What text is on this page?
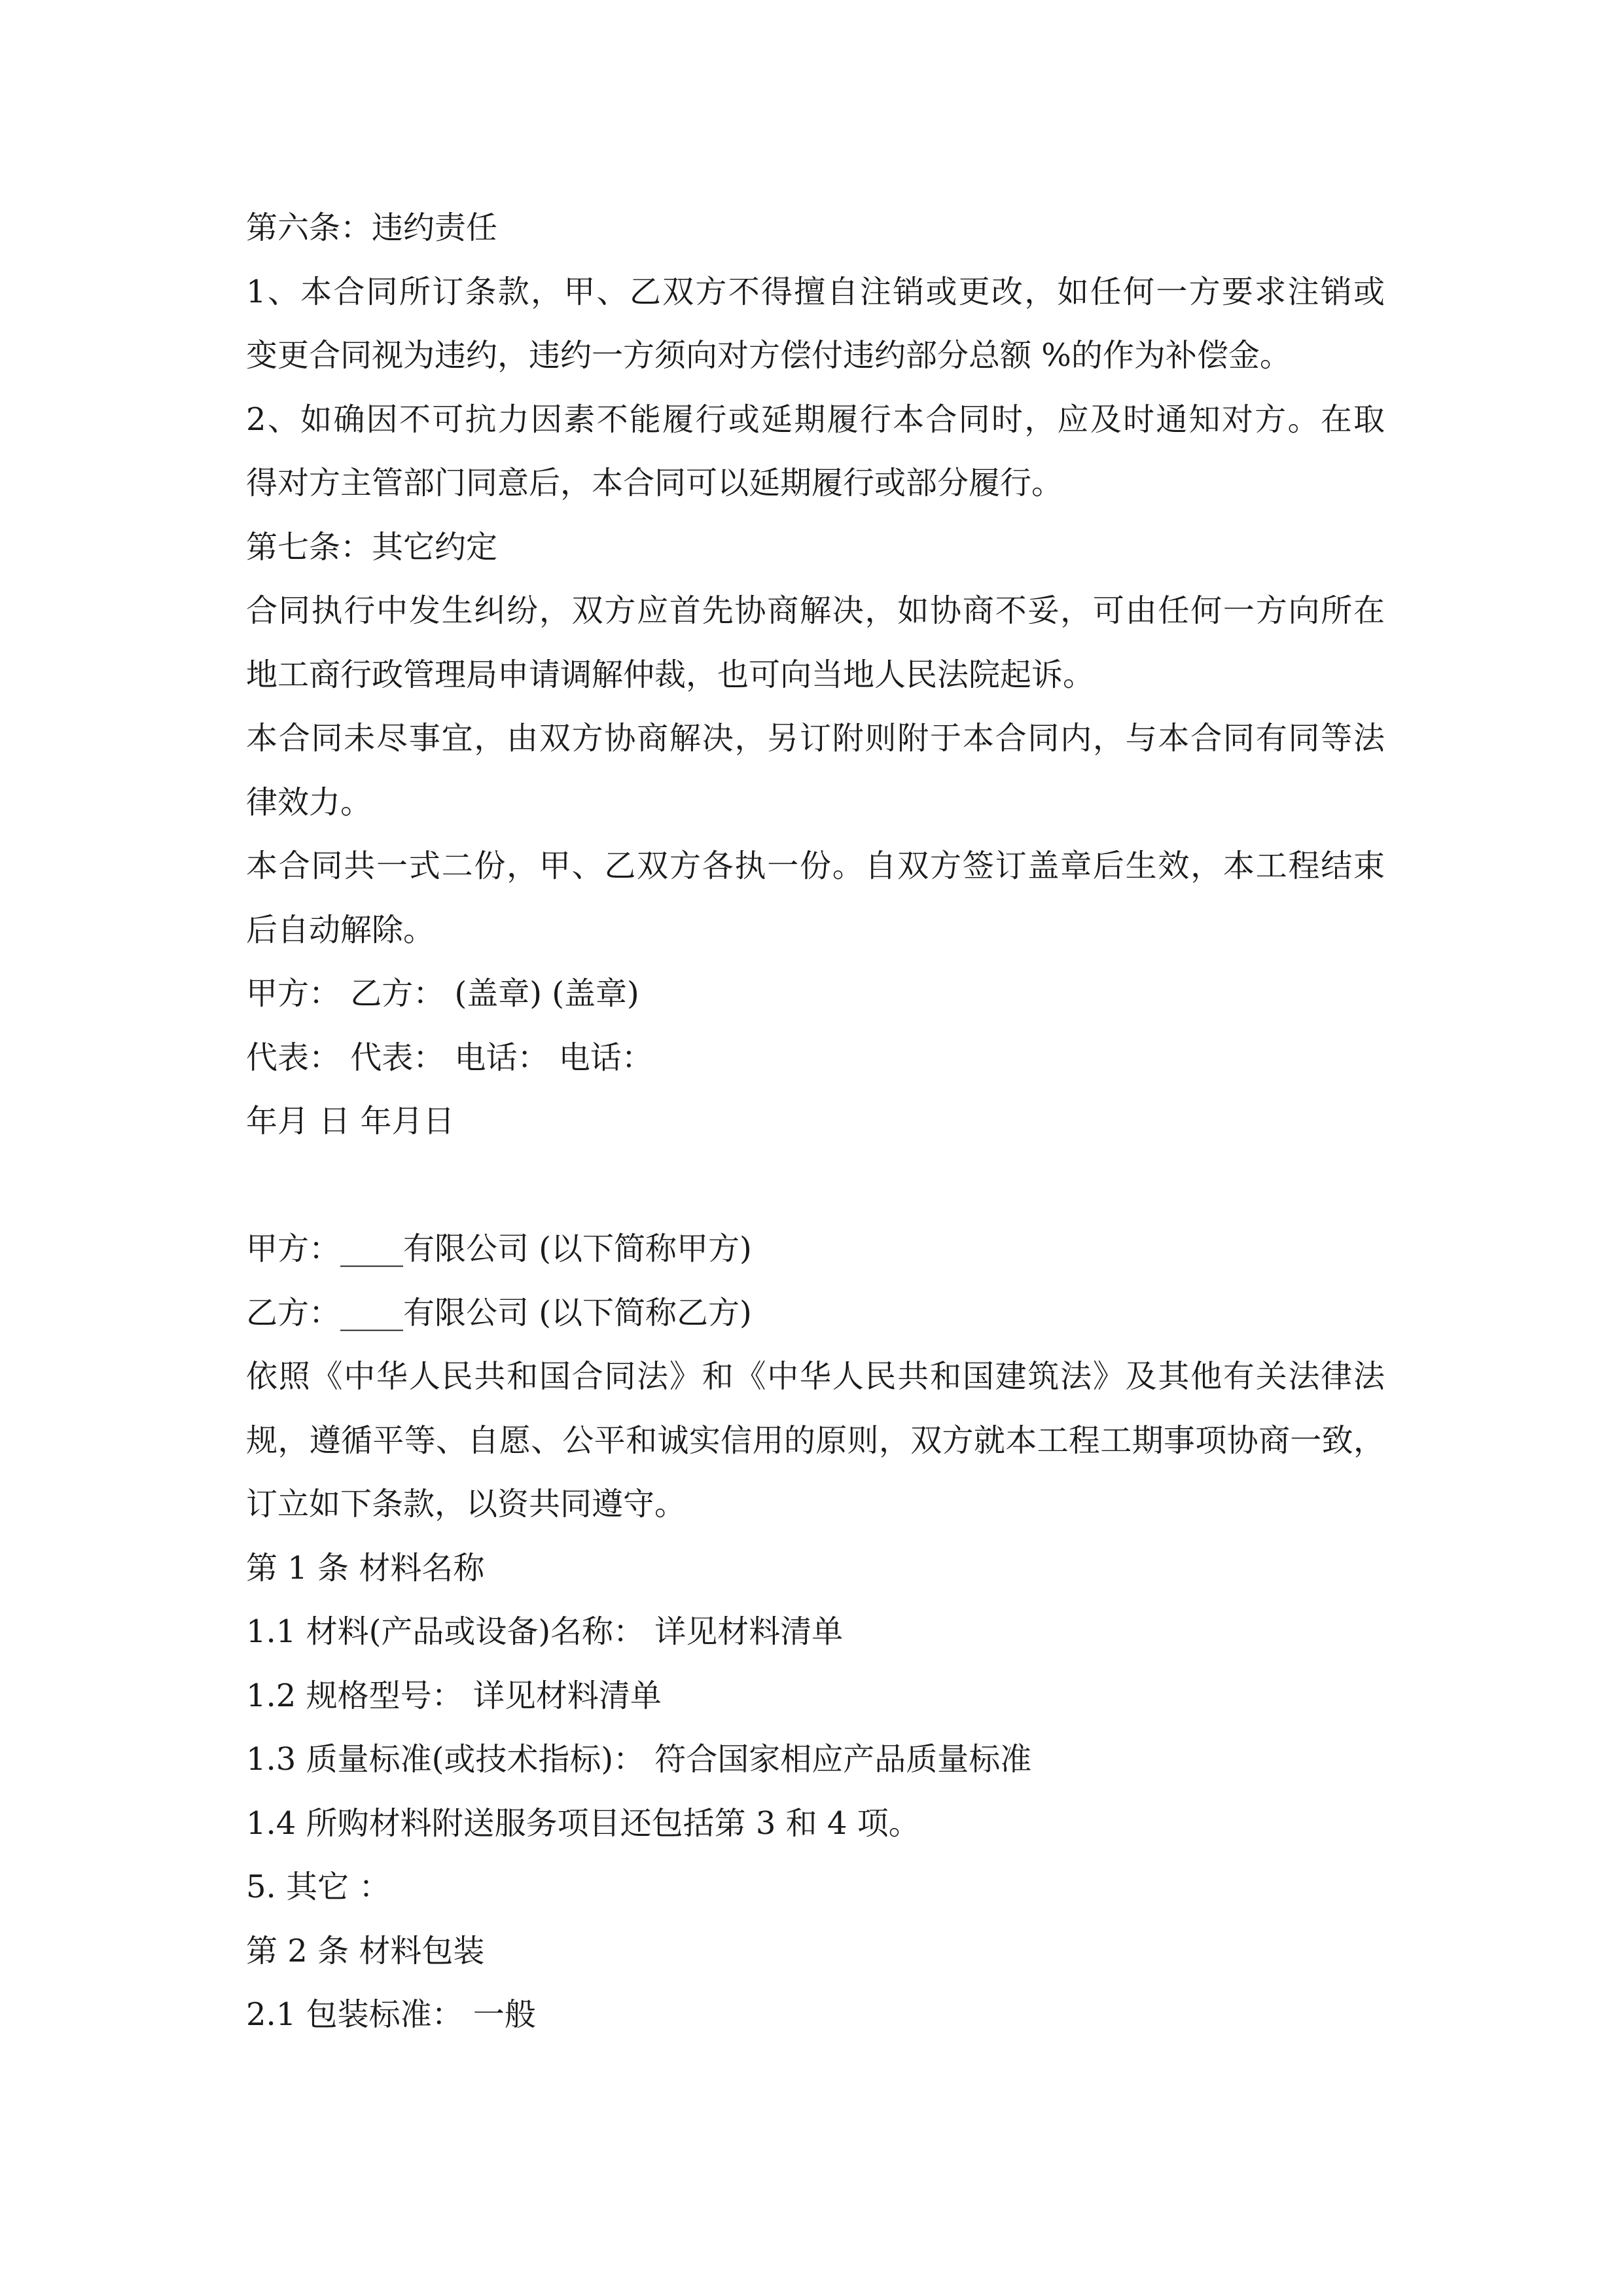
第六条：违约责任
1、本合同所订条款，甲、乙双方不得擅自注销或更改，如任何一方要求注销或
变更合同视为违约，违约一方须向对方偿付违约部分总额 %的作为补偿金。
2、如确因不可抗力因素不能履行或延期履行本合同时，应及时通知对方。在取
得对方主管部门同意后，本合同可以延期履行或部分履行。
第七条：其它约定
合同执行中发生纠纷，双方应首先协商解决，如协商不妥，可由任何一方向所在
地工商行政管理局申请调解仲裁，也可向当地人民法院起诉。
本合同未尽事宜，由双方协商解决，另订附则附于本合同内，与本合同有同等法
律效力。
本合同共一式二份，甲、乙双方各执一份。自双方签订盖章后生效，本工程结束
后自动解除。
甲方： 乙方： (盖章) (盖章)
代表： 代表： 电话： 电话：
年月 日 年月日
甲方：____有限公司 (以下简称甲方)
乙方：____有限公司 (以下简称乙方)
依照《中华人民共和国合同法》和《中华人民共和国建筑法》及其他有关法律法
规，遵循平等、自愿、公平和诚实信用的原则，双方就本工程工期事项协商一致，
订立如下条款，以资共同遵守。
第 1 条 材料名称
1.1 材料(产品或设备)名称： 详见材料清单
1.2 规格型号： 详见材料清单
1.3 质量标准(或技术指标)： 符合国家相应产品质量标准
1.4 所购材料附送服务项目还包括第 3 和 4 项。
5. 其它 ：
第 2 条 材料包装
2.1 包装标准： 一般
